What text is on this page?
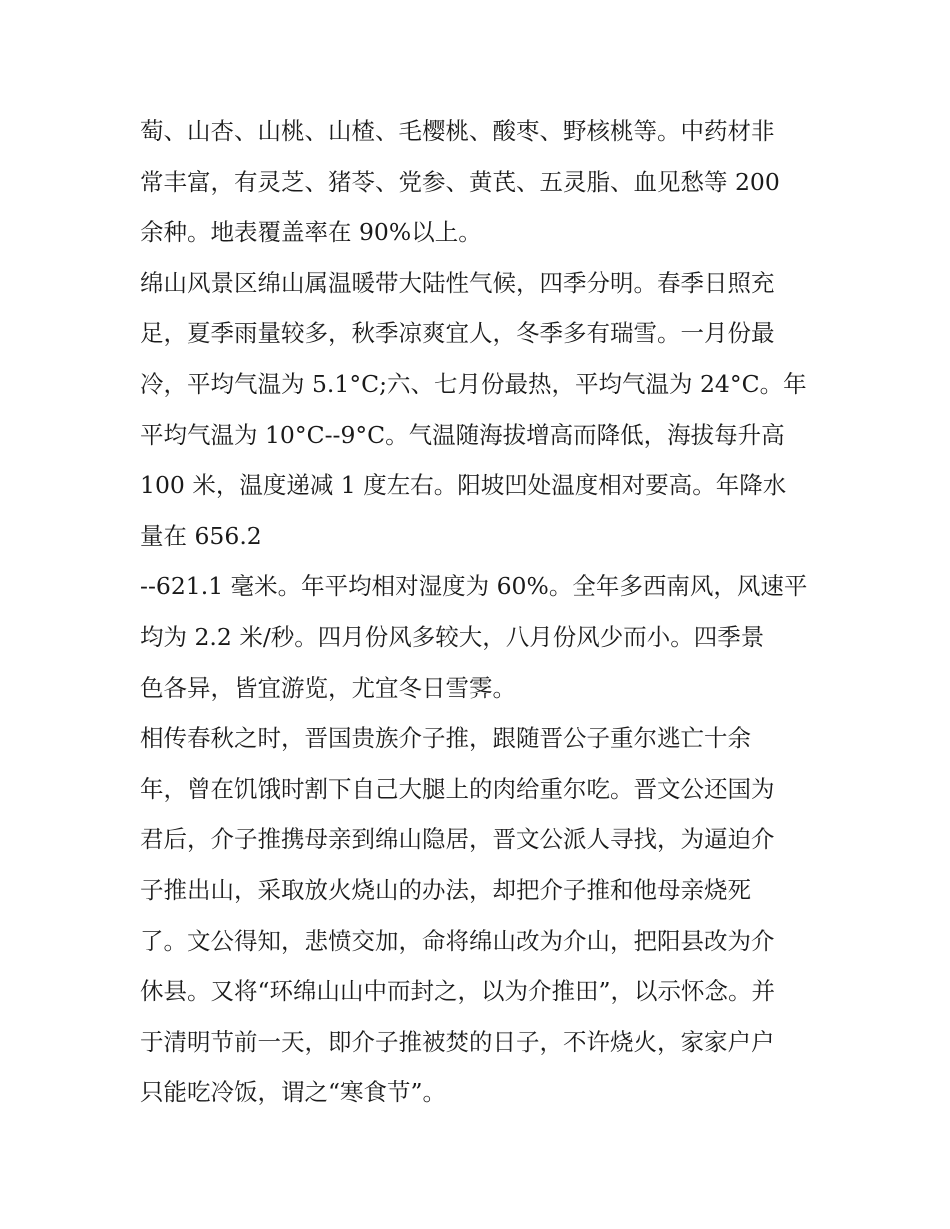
萄、山杏、山桃、山楂、毛樱桃、酸枣、野核桃等。中药材非
常丰富，有灵芝、猪苓、党参、黄芪、五灵脂、血见愁等 200
余种。地表覆盖率在 90%以上。
绵山风景区绵山属温暖带大陆性气候，四季分明。春季日照充
足，夏季雨量较多，秋季凉爽宜人，冬季多有瑞雪。一月份最
冷，平均气温为 5.1°C;六、七月份最热，平均气温为 24°C。年
平均气温为 10°C--9°C。气温随海拔增高而降低，海拔每升高
100 米，温度递减 1 度左右。阳坡凹处温度相对要高。年降水
量在 656.2
--621.1 毫米。年平均相对湿度为 60%。全年多西南风，风速平
均为 2.2 米/秒。四月份风多较大，八月份风少而小。四季景
色各异，皆宜游览，尤宜冬日雪霁。
相传春秋之时，晋国贵族介子推，跟随晋公子重尔逃亡十余
年，曾在饥饿时割下自己大腿上的肉给重尔吃。晋文公还国为
君后，介子推携母亲到绵山隐居，晋文公派人寻找，为逼迫介
子推出山，采取放火烧山的办法，却把介子推和他母亲烧死
了。文公得知，悲愤交加，命将绵山改为介山，把阳县改为介
休县。又将“环绵山山中而封之，以为介推田”，以示怀念。并
于清明节前一天，即介子推被焚的日子，不许烧火，家家户户
只能吃冷饭，谓之“寒食节”。
